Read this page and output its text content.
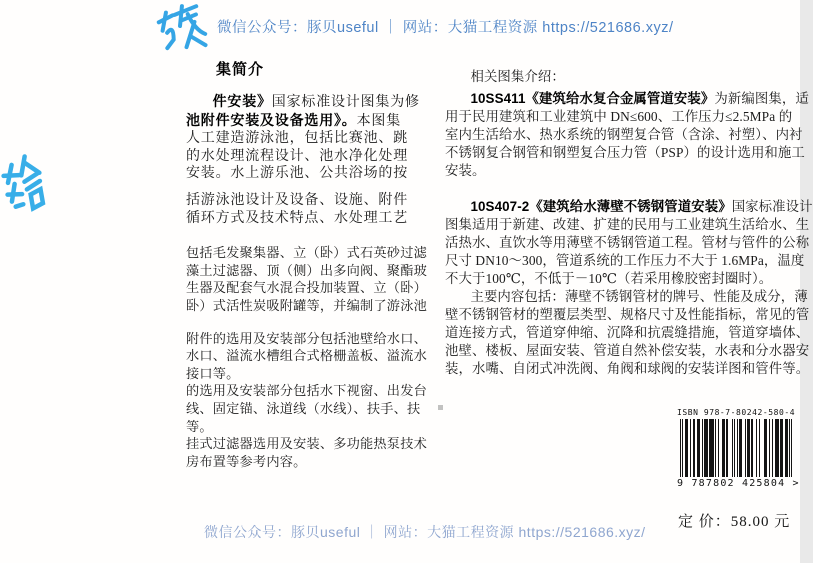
微信公众号：豚贝useful ｜ 网站：大猫工程资源 https://521686.xyz/
集简介
件安装》国家标准设计图集为修
池附件安装及设备选用》。本图集
人工建造游泳池，包括比赛池、跳
的水处理流程设计、池水净化处理
安装。水上游乐池、公共浴场的按
括游泳池设计及设备、设施、附件
循环方式及技术特点、水处理工艺
包括毛发聚集器、立（卧）式石英砂过滤
藻土过滤器、顶（侧）出多向阀、聚酯玻
生器及配套气水混合投加装置、立（卧）
卧）式活性炭吸附罐等，并编制了游泳池
附件的选用及安装部分包括池壁给水口、
水口、溢流水槽组合式格栅盖板、溢流水
接口等。
的选用及安装部分包括水下视窗、出发台
线、固定锚、泳道线（水线）、扶手、扶
等。
挂式过滤器选用及安装、多功能热泵技术
房布置等参考内容。
相关图集介绍：
10SS411《建筑给水复合金属管道安装》为新编图集，适
用于民用建筑和工业建筑中 DN≤600、工作压力≤2.5MPa 的
室内生活给水、热水系统的钢塑复合管（含涂、衬塑）、内衬
不锈钢复合钢管和钢塑复合压力管（PSP）的设计选用和施工
安装。
10S407-2《建筑给水薄壁不锈钢管道安装》国家标准设计
图集适用于新建、改建、扩建的民用与工业建筑生活给水、生
活热水、直饮水等用薄壁不锈钢管道工程。管材与管件的公称
尺寸 DN10～300，管道系统的工作压力不大于 1.6MPa，温度
不大于100℃，不低于－10℃（若采用橡胶密封圈时）。
主要内容包括：薄壁不锈钢管材的牌号、性能及成分，薄
壁不锈钢管材的塑覆层类型、规格尺寸及性能指标，常见的管
道连接方式，管道穿伸缩、沉降和抗震缝措施，管道穿墙体、
池壁、楼板、屋面安装、管道自然补偿安装，水表和分水器安
装，水嘴、自闭式冲洗阀、角阀和球阀的安装详图和管件等。
ISBN 978-7-80242-580-4
9 787802 425804 >
定 价：58.00 元
微信公众号：豚贝useful ｜ 网站：大猫工程资源 https://521686.xyz/
